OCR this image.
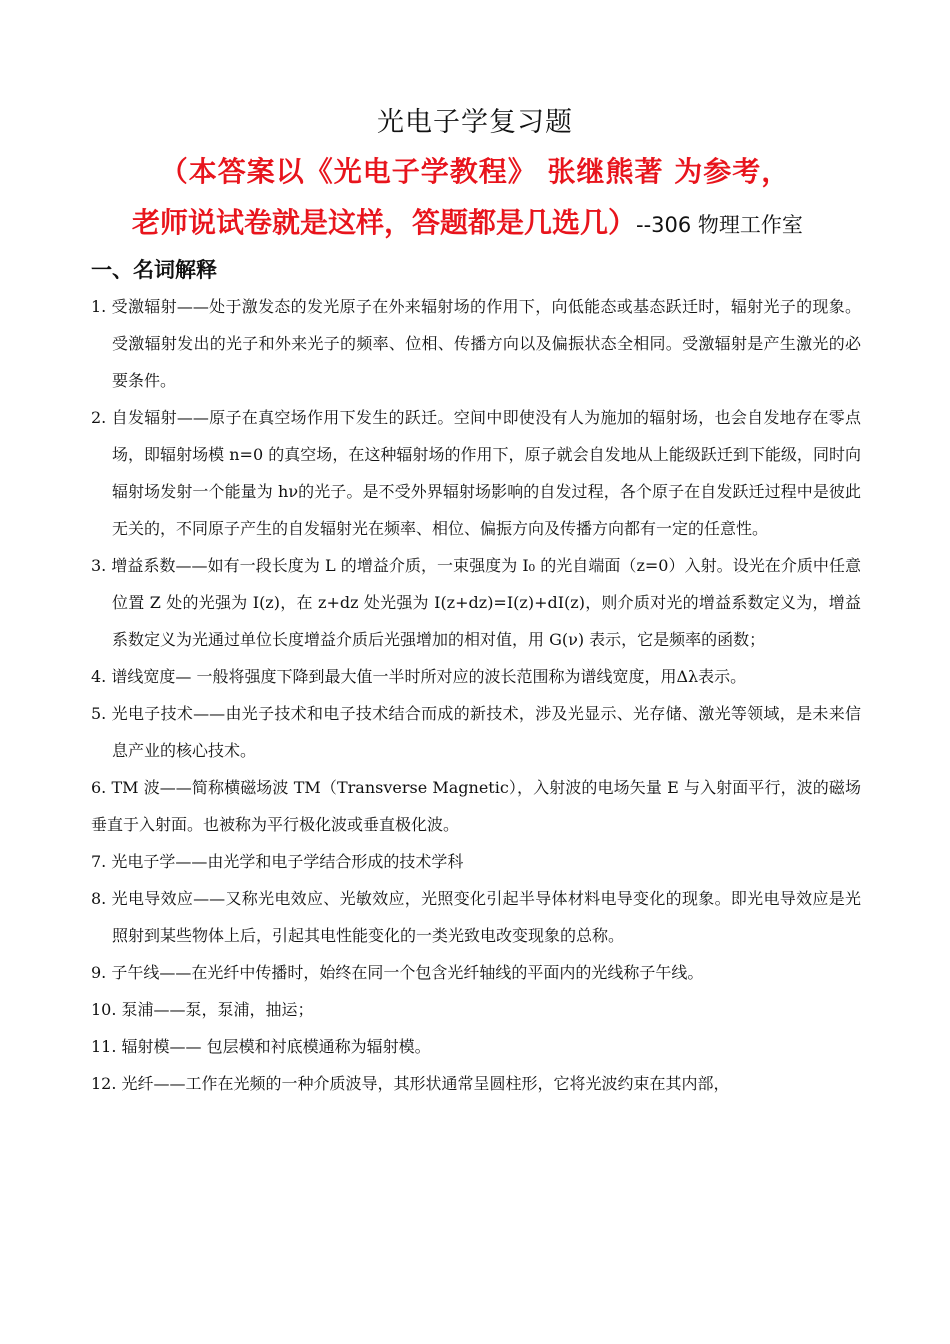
光电子学复习题
（本答案以《光电子学教程》 张继熊著 为参考，
老师说试卷就是这样，答题都是几选几）--306 物理工作室
一、名词解释

1. 受激辐射——处于激发态的发光原子在外来辐射场的作用下，向低能态或基态跃迁时，辐射光子的现象。受激辐射发出的光子和外来光子的频率、位相、传播方向以及偏振状态全相同。受激辐射是产生激光的必要条件。

2. 自发辐射——原子在真空场作用下发生的跃迁。空间中即使没有人为施加的辐射场，也会自发地存在零点场，即辐射场模 n=0 的真空场，在这种辐射场的作用下，原子就会自发地从上能级跃迁到下能级，同时向辐射场发射一个能量为 hν的光子。是不受外界辐射场影响的自发过程，各个原子在自发跃迁过程中是彼此无关的，不同原子产生的自发辐射光在频率、相位、偏振方向及传播方向都有一定的任意性。

3. 增益系数——如有一段长度为 L 的增益介质，一束强度为 I₀ 的光自端面（z=0）入射。设光在介质中任意位置 Z 处的光强为 I(z)，在 z+dz 处光强为 I(z+dz)=I(z)+dI(z)，则介质对光的增益系数定义为，增益系数定义为光通过单位长度增益介质后光强增加的相对值，用 G(ν) 表示，它是频率的函数；

4. 谱线宽度— 一般将强度下降到最大值一半时所对应的波长范围称为谱线宽度，用Δλ表示。

5. 光电子技术——由光子技术和电子技术结合而成的新技术，涉及光显示、光存储、激光等领域，是未来信息产业的核心技术。

6. TM 波——简称横磁场波 TM（Transverse Magnetic），入射波的电场矢量 E 与入射面平行，波的磁场垂直于入射面。也被称为平行极化波或垂直极化波。

7. 光电子学——由光学和电子学结合形成的技术学科

8. 光电导效应——又称光电效应、光敏效应，光照变化引起半导体材料电导变化的现象。即光电导效应是光照射到某些物体上后，引起其电性能变化的一类光致电改变现象的总称。

9. 子午线——在光纤中传播时，始终在同一个包含光纤轴线的平面内的光线称子午线。

10. 泵浦——泵，泵浦，抽运；

11. 辐射模—— 包层模和衬底模通称为辐射模。

12. 光纤——工作在光频的一种介质波导，其形状通常呈圆柱形，它将光波约束在其内部，
